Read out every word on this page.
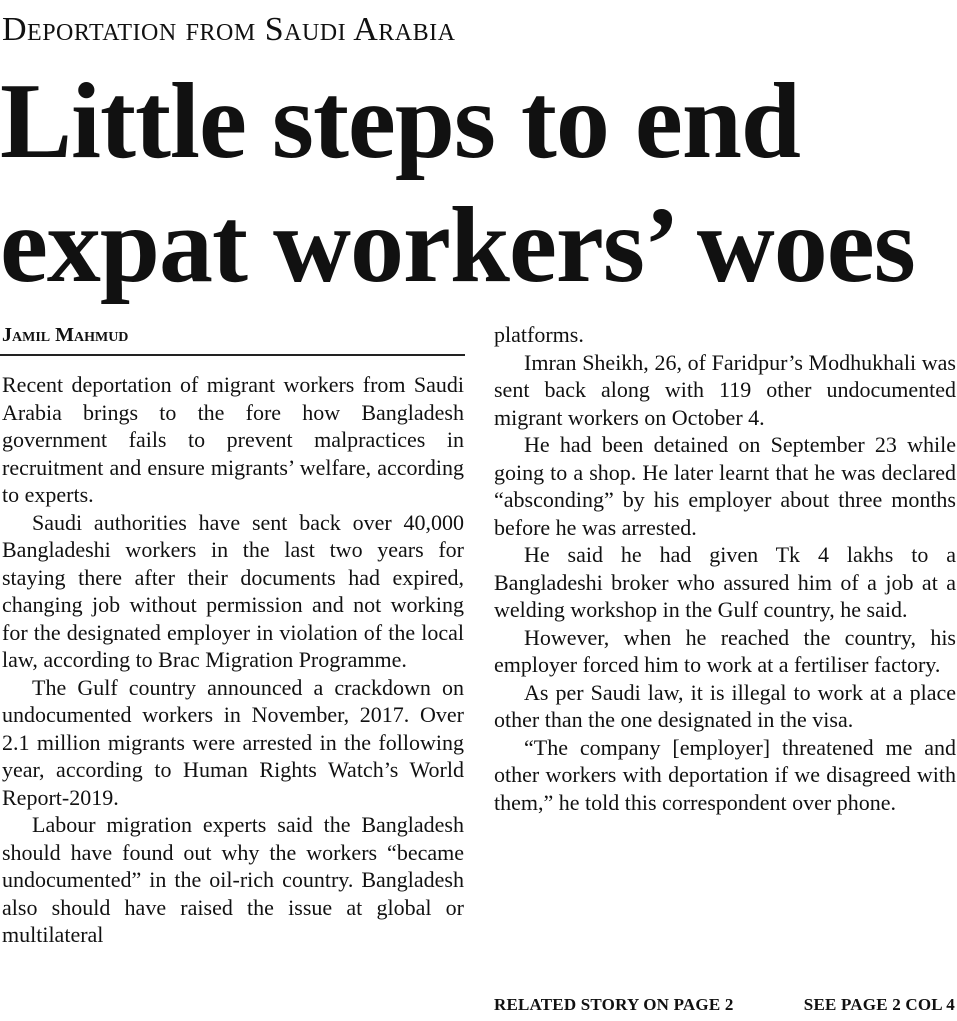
Deportation from Saudi Arabia
Little steps to end expat workers’ woes
Jamil Mahmud

Recent deportation of migrant workers from Saudi Arabia brings to the fore how Bangladesh government fails to prevent malpractices in recruitment and ensure migrants’ welfare, according to experts.

Saudi authorities have sent back over 40,000 Bangladeshi workers in the last two years for staying there after their documents had expired, changing job without permission and not working for the designated employer in violation of the local law, according to Brac Migration Programme.

The Gulf country announced a crackdown on undocumented workers in November, 2017. Over 2.1 million migrants were arrested in the following year, according to Human Rights Watch’s World Report-2019.

Labour migration experts said the Bangladesh should have found out why the workers “became undocumented” in the oil-rich country. Bangladesh also should have raised the issue at global or multilateral

platforms.

Imran Sheikh, 26, of Faridpur’s Modhukhali was sent back along with 119 other undocumented migrant workers on October 4.

He had been detained on September 23 while going to a shop. He later learnt that he was declared “absconding” by his employer about three months before he was arrested.

He said he had given Tk 4 lakhs to a Bangladeshi broker who assured him of a job at a welding workshop in the Gulf country, he said.

However, when he reached the country, his employer forced him to work at a fertiliser factory.

As per Saudi law, it is illegal to work at a place other than the one designated in the visa.

“The company [employer] threatened me and other workers with deportation if we disagreed with them,” he told this correspondent over phone.

RELATED STORY ON PAGE 2	SEE PAGE 2 COL 4
